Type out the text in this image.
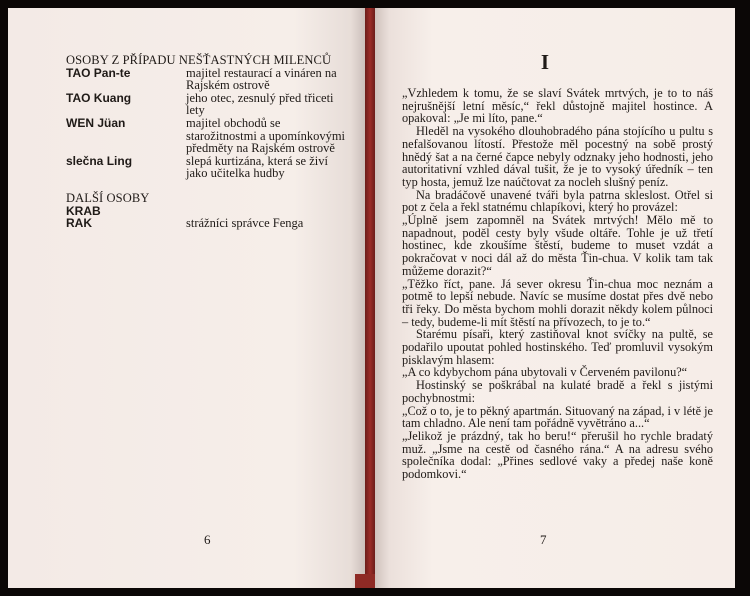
OSOBY Z PŘÍPADU NEŠŤASTNÝCH MILENCŮ
TAO Pan-te	majitel restaurací a vináren na Rajském ostrově
TAO Kuang	jeho otec, zesnulý před třiceti lety
WEN Jüan	majitel obchodů se starožitnostmi a upomínkovými předměty na Rajském ostrově
slečna Ling	slepá kurtizána, která se živí jako učitelka hudby
DALŠÍ OSOBY
KRAB
RAK	strážníci správce Fenga
6
I

„Vzhledem k tomu, že se slaví Svátek mrtvých, je to to náš nejrušnější letní měsíc,“ řekl důstojně majitel hostince. A opakoval: „Je mi líto, pane.“

Hleděl na vysokého dlouhobradého pána stojícího u pultu s nefalšovanou lítostí. Přestože měl pocestný na sobě prostý hnědý šat a na černé čapce nebyly odznaky jeho hodnosti, jeho autoritativní vzhled dával tušit, že je to vysoký úředník – ten typ hosta, jemuž lze naúčtovat za nocleh slušný peníz.

Na bradáčově unavené tváři byla patrna skleslost. Otřel si pot z čela a řekl statnému chlapíkovi, který ho provázel:

„Úplně jsem zapomněl na Svátek mrtvých! Mělo mě to napadnout, poděl cesty byly všude oltáře. Tohle je už třetí hostinec, kde zkoušíme štěstí, budeme to muset vzdát a pokračovat v noci dál až do města Ťin-chua. V kolik tam tak můžeme dorazit?“

„Těžko říct, pane. Já sever okresu Ťin-chua moc neznám a potmě to lepší nebude. Navíc se musíme dostat přes dvě nebo tři řeky. Do města bychom mohli dorazit někdy kolem půlnoci – tedy, budeme-li mít štěstí na přívozech, to je to.“

Starému písaři, který zastiňoval knot svíčky na pultě, se podařilo upoutat pohled hostinského. Teď promluvil vysokým pisklavým hlasem:

„A co kdybychom pána ubytovali v Červeném pavilonu?“

Hostinský se poškrábal na kulaté bradě a řekl s jistými pochybnostmi:

„Což o to, je to pěkný apartmán. Situovaný na západ, i v létě je tam chladno. Ale není tam pořádně vyvětráno a...“

„Jelikož je prázdný, tak ho beru!“ přerušil ho rychle bradatý muž. „Jsme na cestě od časného rána.“ A na adresu svého společníka dodal: „Přines sedlové vaky a předej naše koně podomkovi.“

7
